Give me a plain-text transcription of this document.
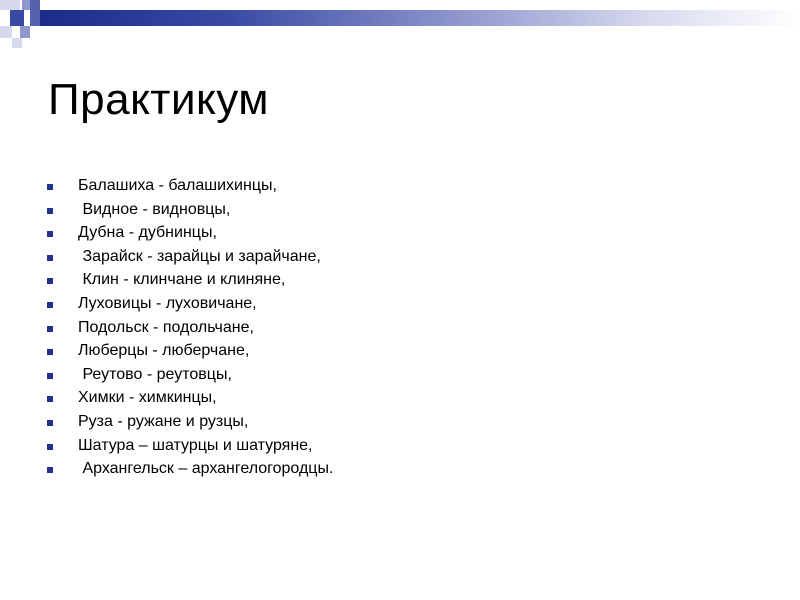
Практикум
Балашиха - балашихинцы,
Видное - видновцы,
Дубна - дубнинцы,
Зарайск - зарайцы и зарайчане,
Клин - клинчане и клиняне,
Луховицы - луховичане,
Подольск - подольчане,
Люберцы - люберчане,
Реутово - реутовцы,
Химки - химкинцы,
Руза - ружане и рузцы,
Шатура – шатурцы и шатуряне,
Архангельск – архангелогородцы.
